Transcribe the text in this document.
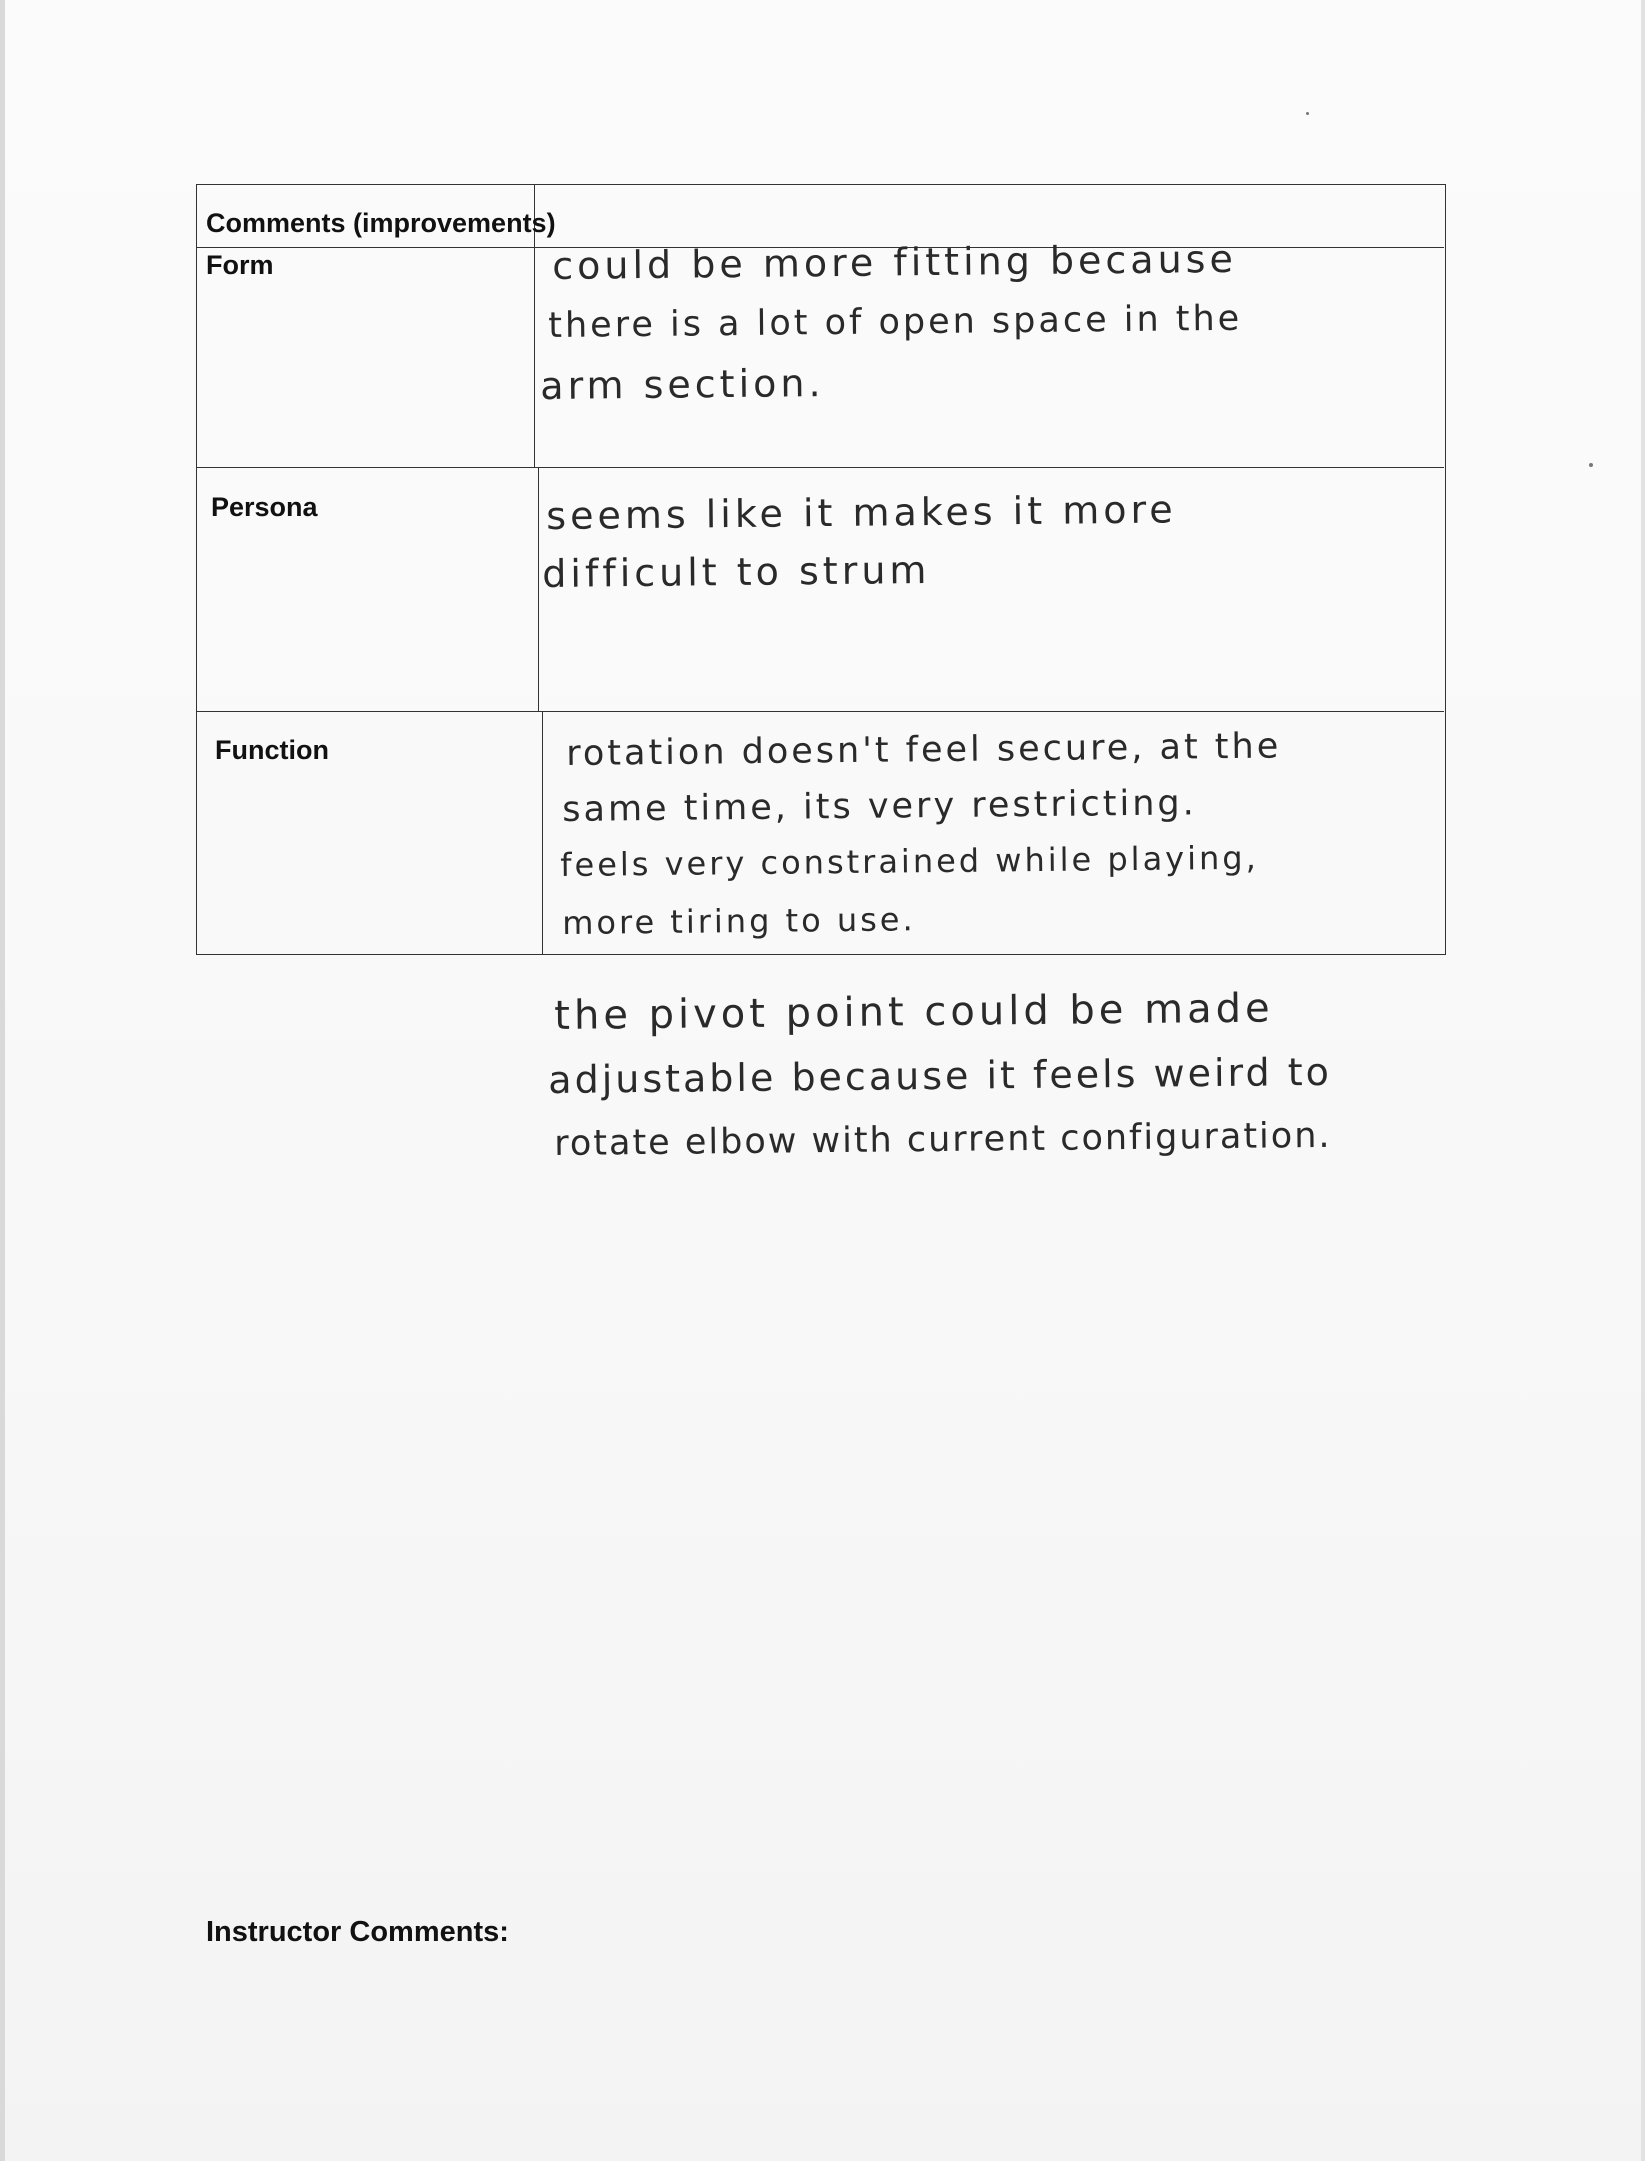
Comments (improvements)
Form
Persona
Function
could be more fitting because
there is a lot of open space in the
arm section.
seems like it makes it more
difficult to strum
rotation doesn't feel secure, at the
same time, its very restricting.
feels very constrained while playing,
more tiring to use.
the pivot point could be made
adjustable because it feels weird to
rotate elbow with current configuration.
Instructor Comments:
